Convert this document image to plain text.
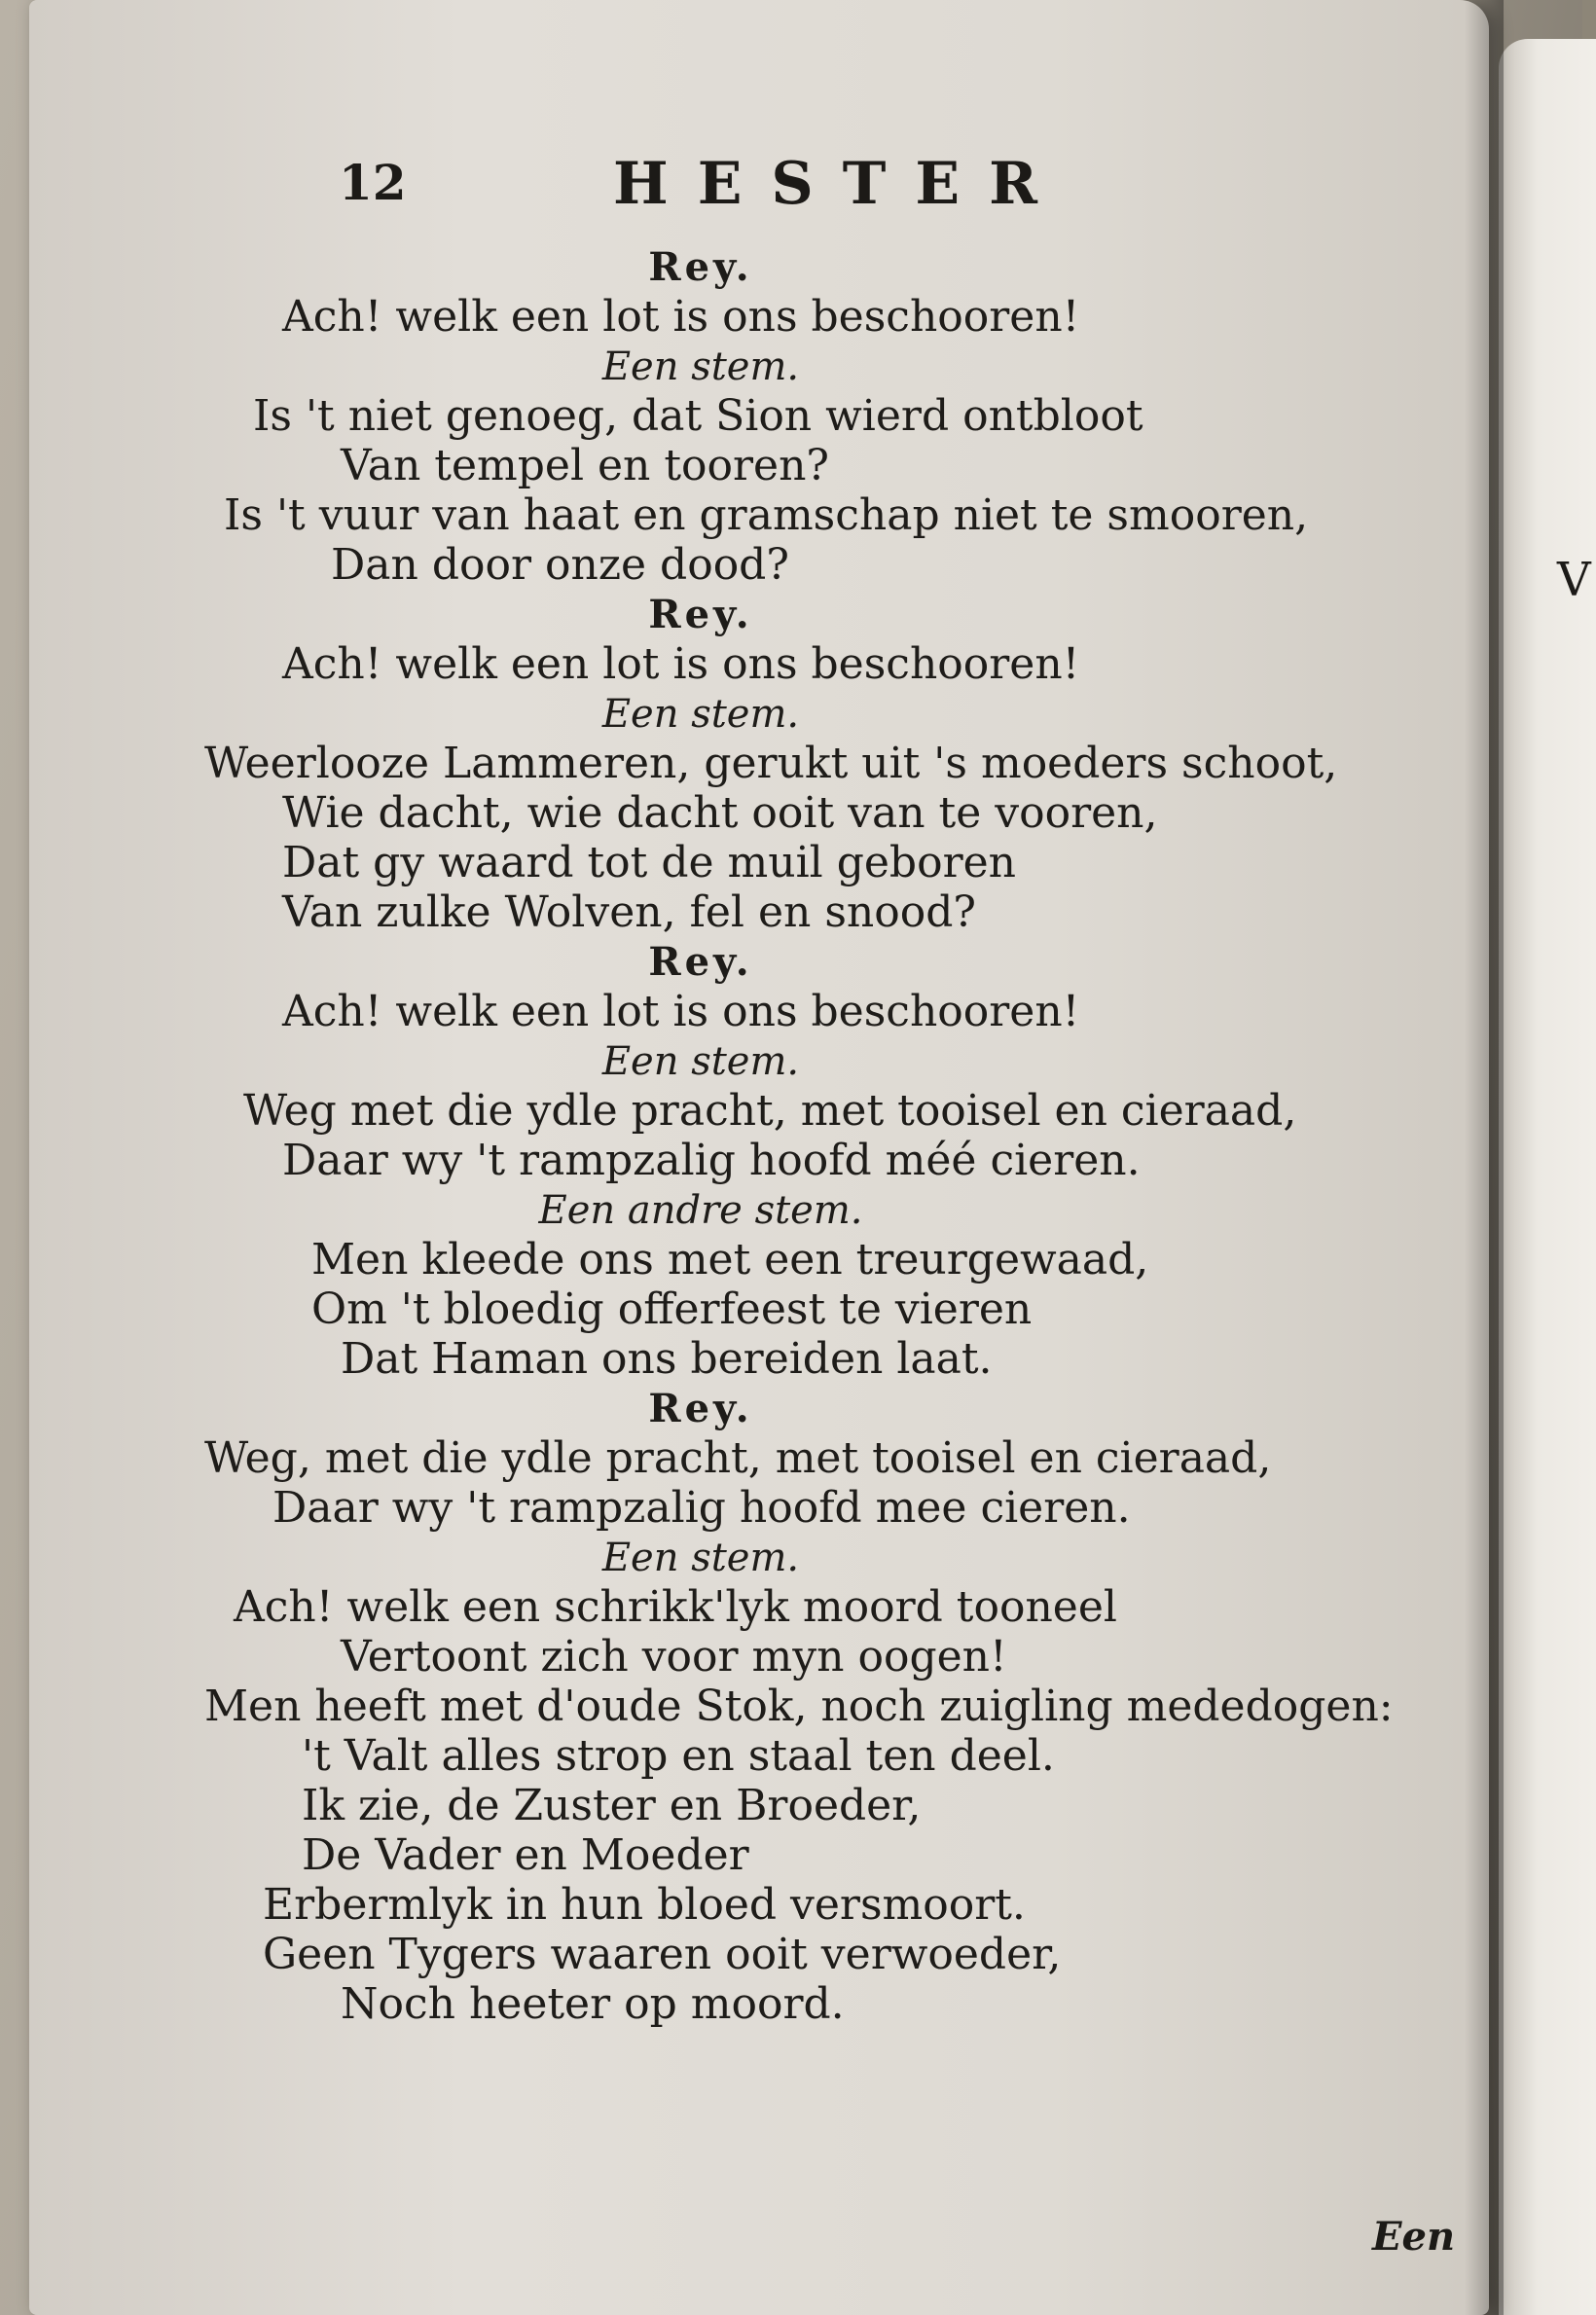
V
12	HESTER
Rey.
Ach! welk een lot is ons beschooren!
Een stem.
Is 't niet genoeg, dat Sion wierd ontbloot
Van tempel en tooren?
Is 't vuur van haat en gramschap niet te smooren,
Dan door onze dood?
Rey.
Ach! welk een lot is ons beschooren!
Een stem.
Weerlooze Lammeren, gerukt uit 's moeders schoot,
Wie dacht, wie dacht ooit van te vooren,
Dat gy waard tot de muil geboren
Van zulke Wolven, fel en snood?
Rey.
Ach! welk een lot is ons beschooren!
Een stem.
Weg met die ydle pracht, met tooisel en cieraad,
Daar wy 't rampzalig hoofd méé cieren.
Een andre stem.
Men kleede ons met een treurgewaad,
Om 't bloedig offerfeest te vieren
Dat Haman ons bereiden laat.
Rey.
Weg, met die ydle pracht, met tooisel en cieraad,
Daar wy 't rampzalig hoofd mee cieren.
Een stem.
Ach! welk een schrikk'lyk moord tooneel
Vertoont zich voor myn oogen!
Men heeft met d'oude Stok, noch zuigling mededogen:
't Valt alles strop en staal ten deel.
Ik zie, de Zuster en Broeder,
De Vader en Moeder
Erbermlyk in hun bloed versmoort.
Geen Tygers waaren ooit verwoeder,
Noch heeter op moord.
Een
